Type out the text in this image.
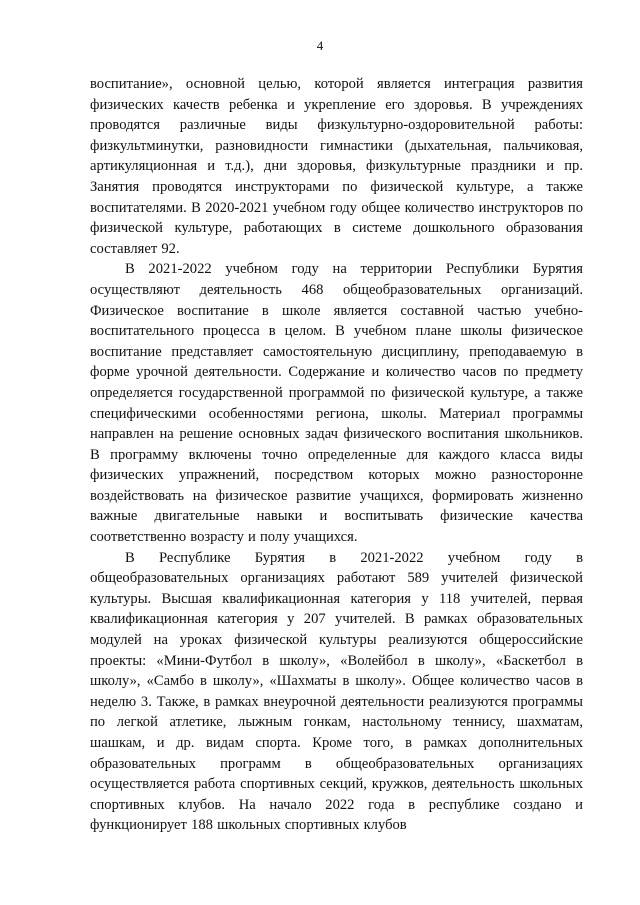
4

воспитание», основной целью, которой является интеграция развития физических качеств ребенка и укрепление его здоровья. В учреждениях проводятся различные виды физкультурно-оздоровительной работы: физкультминутки, разновидности гимнастики (дыхательная, пальчиковая, артикуляционная и т.д.), дни здоровья, физкультурные праздники и пр. Занятия проводятся инструкторами по физической культуре, а также воспитателями. В 2020-2021 учебном году общее количество инструкторов по физической культуре, работающих в системе дошкольного образования составляет 92.

В 2021-2022 учебном году на территории Республики Бурятия осуществляют деятельность 468 общеобразовательных организаций. Физическое воспитание в школе является составной частью учебно-воспитательного процесса в целом. В учебном плане школы физическое воспитание представляет самостоятельную дисциплину, преподаваемую в форме урочной деятельности. Содержание и количество часов по предмету определяется государственной программой по физической культуре, а также специфическими особенностями региона, школы. Материал программы направлен на решение основных задач физического воспитания школьников. В программу включены точно определенные для каждого класса виды физических упражнений, посредством которых можно разносторонне воздействовать на физическое развитие учащихся, формировать жизненно важные двигательные навыки и воспитывать физические качества соответственно возрасту и полу учащихся.

В Республике Бурятия в 2021-2022 учебном году в общеобразовательных организациях работают 589 учителей физической культуры. Высшая квалификационная категория у 118 учителей, первая квалификационная категория у 207 учителей. В рамках образовательных модулей на уроках физической культуры реализуются общероссийские проекты: «Мини-Футбол в школу», «Волейбол в школу», «Баскетбол в школу», «Самбо в школу», «Шахматы в школу». Общее количество часов в неделю 3. Также, в рамках внеурочной деятельности реализуются программы по легкой атлетике, лыжным гонкам, настольному теннису, шахматам, шашкам, и др. видам спорта. Кроме того, в рамках дополнительных образовательных программ в общеобразовательных организациях осуществляется работа спортивных секций, кружков, деятельность школьных спортивных клубов. На начало 2022 года в республике создано и функционирует 188 школьных спортивных клубов
